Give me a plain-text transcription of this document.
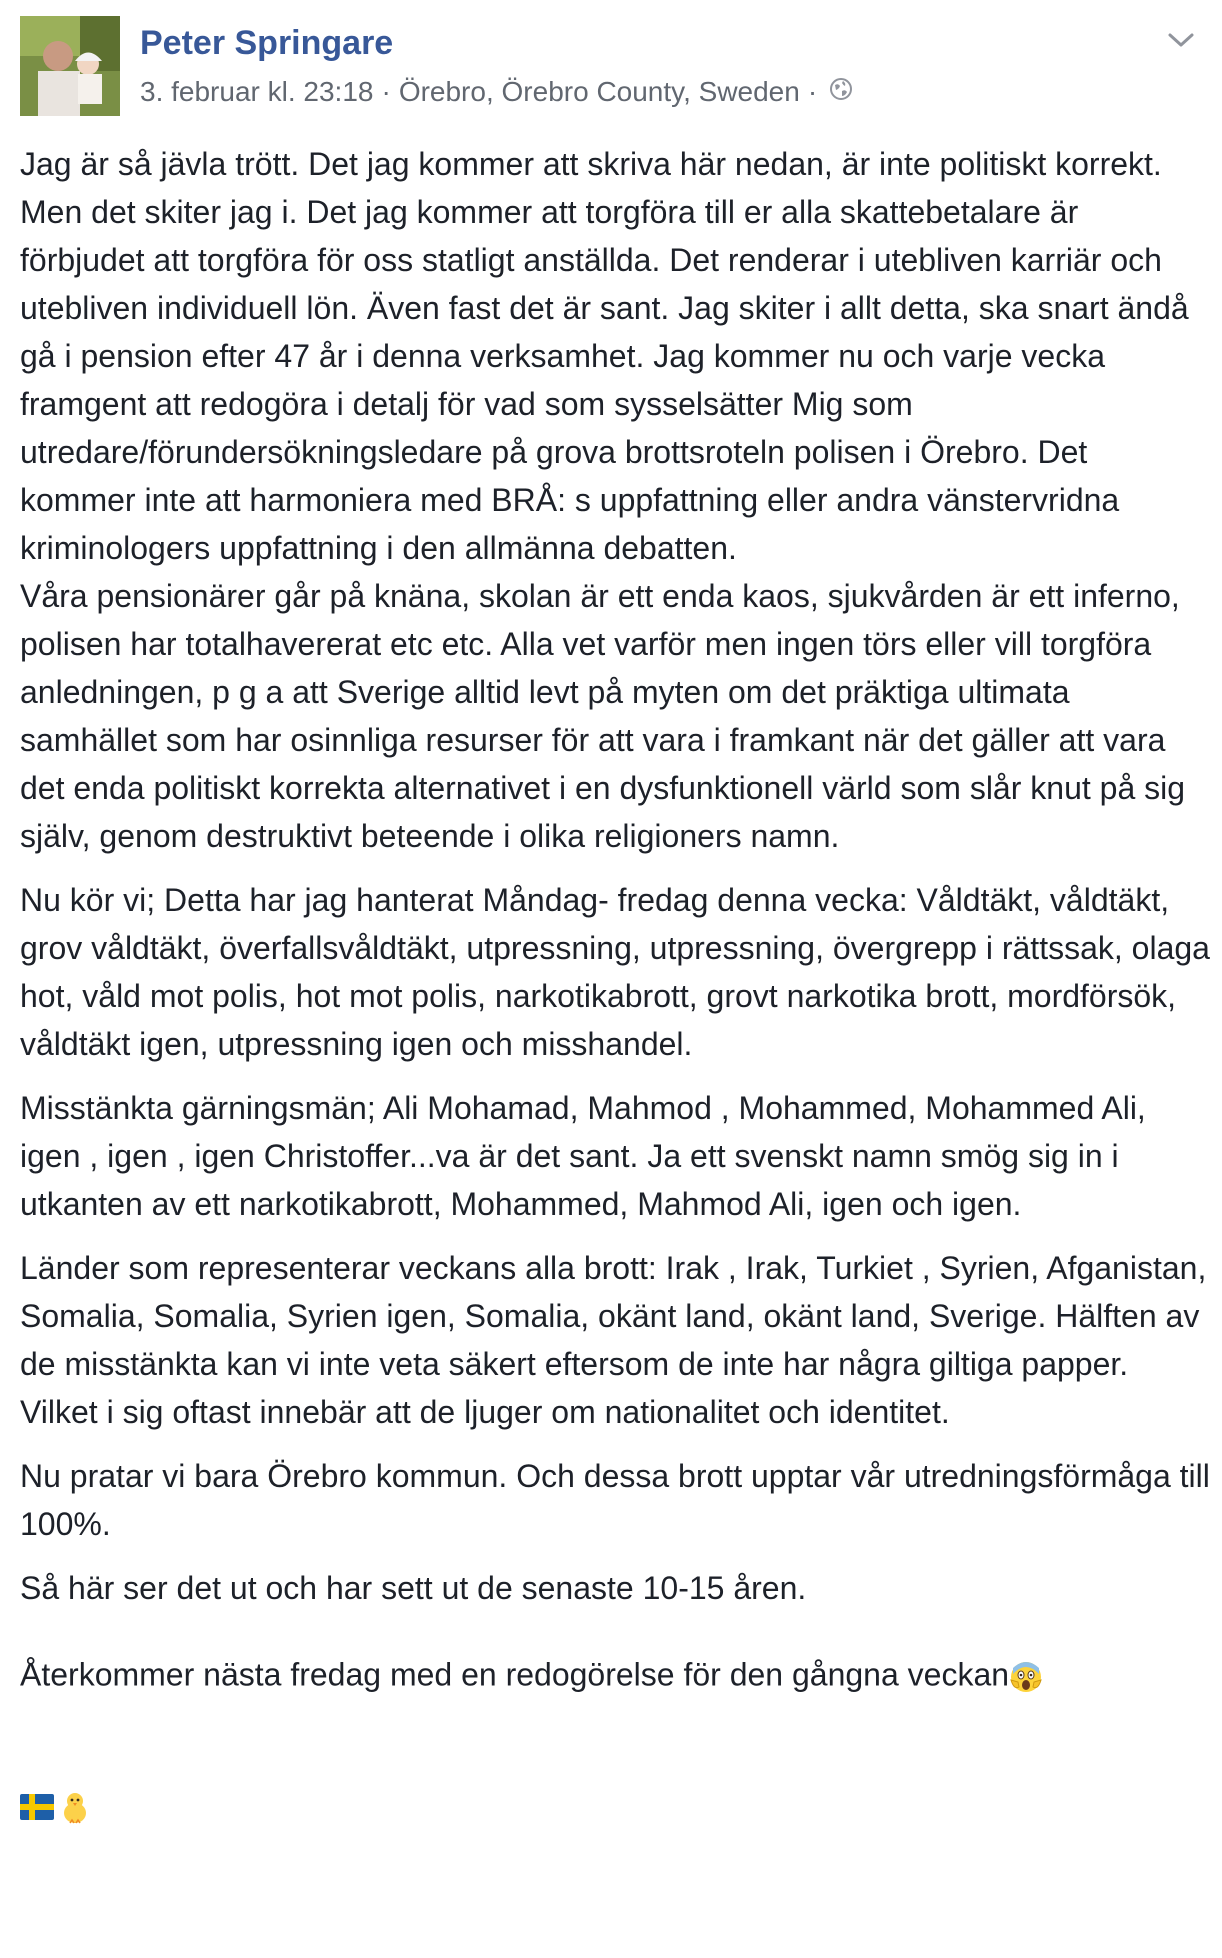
Peter Springare
3. februar kl. 23:18 · Örebro, Örebro County, Sweden ·

Jag är så jävla trött. Det jag kommer att skriva här nedan, är inte politiskt korrekt. Men det skiter jag i. Det jag kommer att torgföra till er alla skattebetalare är förbjudet att torgföra för oss statligt anställda. Det renderar i utebliven karriär och utebliven individuell lön. Även fast det är sant. Jag skiter i allt detta, ska snart ändå gå i pension efter 47 år i denna verksamhet. Jag kommer nu och varje vecka framgent att redogöra i detalj för vad som sysselsätter Mig som utredare/förundersökningsledare på grova brottsroteln polisen i Örebro. Det kommer inte att harmoniera med BRÅ: s uppfattning eller andra vänstervridna kriminologers uppfattning i den allmänna debatten.
Våra pensionärer går på knäna, skolan är ett enda kaos, sjukvården är ett inferno, polisen har totalhavererat etc etc. Alla vet varför men ingen törs eller vill torgföra anledningen, p g a att Sverige alltid levt på myten om det präktiga ultimata samhället som har osinnliga resurser för att vara i framkant när det gäller att vara det enda politiskt korrekta alternativet i en dysfunktionell värld som slår knut på sig själv, genom destruktivt beteende i olika religioners namn.

Nu kör vi; Detta har jag hanterat Måndag- fredag denna vecka: Våldtäkt, våldtäkt, grov våldtäkt, överfallsvåldtäkt, utpressning, utpressning, övergrepp i rättssak, olaga hot, våld mot polis, hot mot polis, narkotikabrott, grovt narkotika brott, mordförsök, våldtäkt igen, utpressning igen och misshandel.

Misstänkta gärningsmän; Ali Mohamad, Mahmod , Mohammed, Mohammed Ali, igen , igen , igen Christoffer...va är det sant. Ja ett svenskt namn smög sig in i utkanten av ett narkotikabrott, Mohammed, Mahmod Ali, igen och igen.

Länder som representerar veckans alla brott: Irak , Irak, Turkiet , Syrien, Afganistan, Somalia, Somalia, Syrien igen, Somalia, okänt land, okänt land, Sverige. Hälften av de misstänkta kan vi inte veta säkert eftersom de inte har några giltiga papper. Vilket i sig oftast innebär att de ljuger om nationalitet och identitet.

Nu pratar vi bara Örebro kommun. Och dessa brott upptar vår utredningsförmåga till 100%.

Så här ser det ut och har sett ut de senaste 10-15 åren.
Återkommer nästa fredag med en redogörelse för den gångna veckan
